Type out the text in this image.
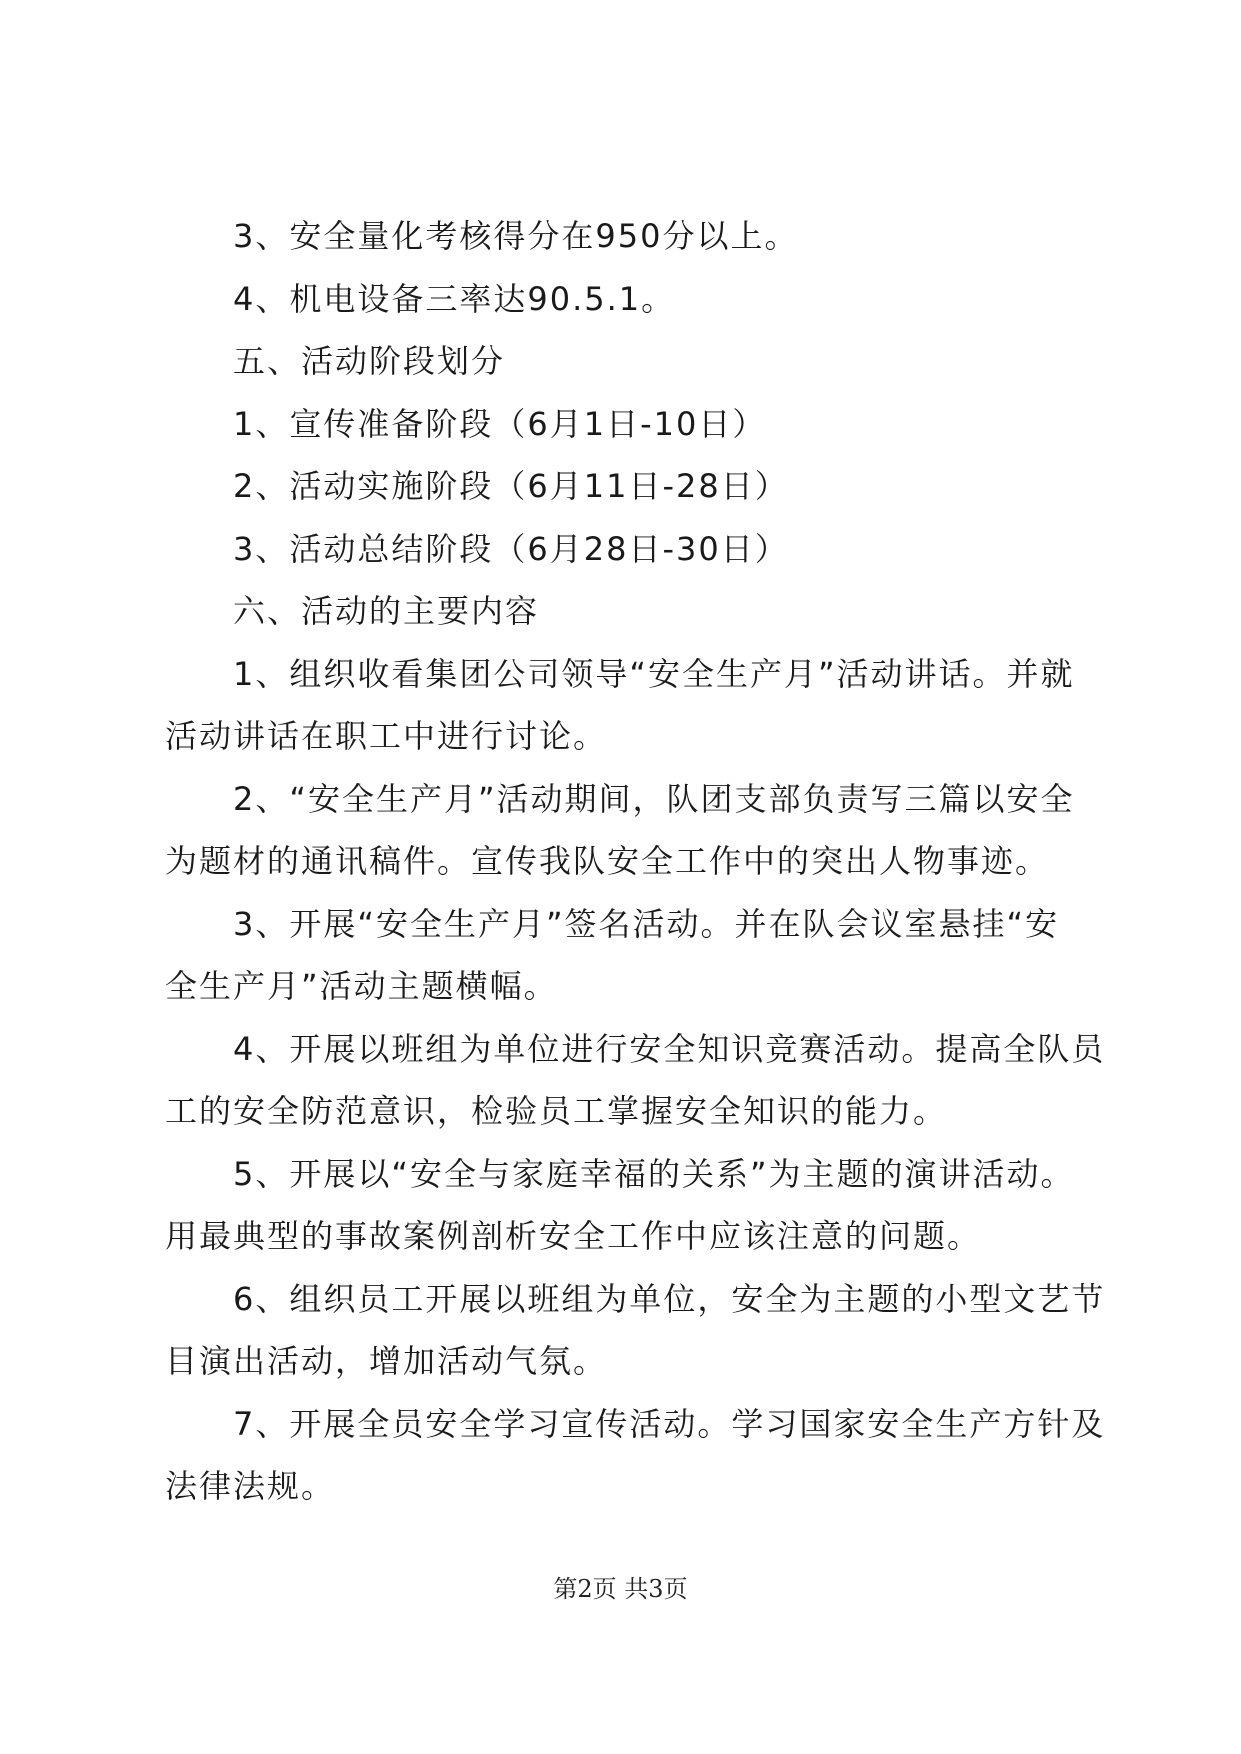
3、安全量化考核得分在950分以上。

4、机电设备三率达90.5.1。

五、活动阶段划分

1、宣传准备阶段（6月1日-10日）

2、活动实施阶段（6月11日-28日）

3、活动总结阶段（6月28日-30日）

六、活动的主要内容

1、组织收看集团公司领导“安全生产月”活动讲话。并就

活动讲话在职工中进行讨论。

2、“安全生产月”活动期间，队团支部负责写三篇以安全

为题材的通讯稿件。宣传我队安全工作中的突出人物事迹。

3、开展“安全生产月”签名活动。并在队会议室悬挂“安

全生产月”活动主题横幅。

4、开展以班组为单位进行安全知识竞赛活动。提高全队员

工的安全防范意识，检验员工掌握安全知识的能力。

5、开展以“安全与家庭幸福的关系”为主题的演讲活动。

用最典型的事故案例剖析安全工作中应该注意的问题。

6、组织员工开展以班组为单位，安全为主题的小型文艺节

目演出活动，增加活动气氛。

7、开展全员安全学习宣传活动。学习国家安全生产方针及

法律法规。

第2页 共3页
